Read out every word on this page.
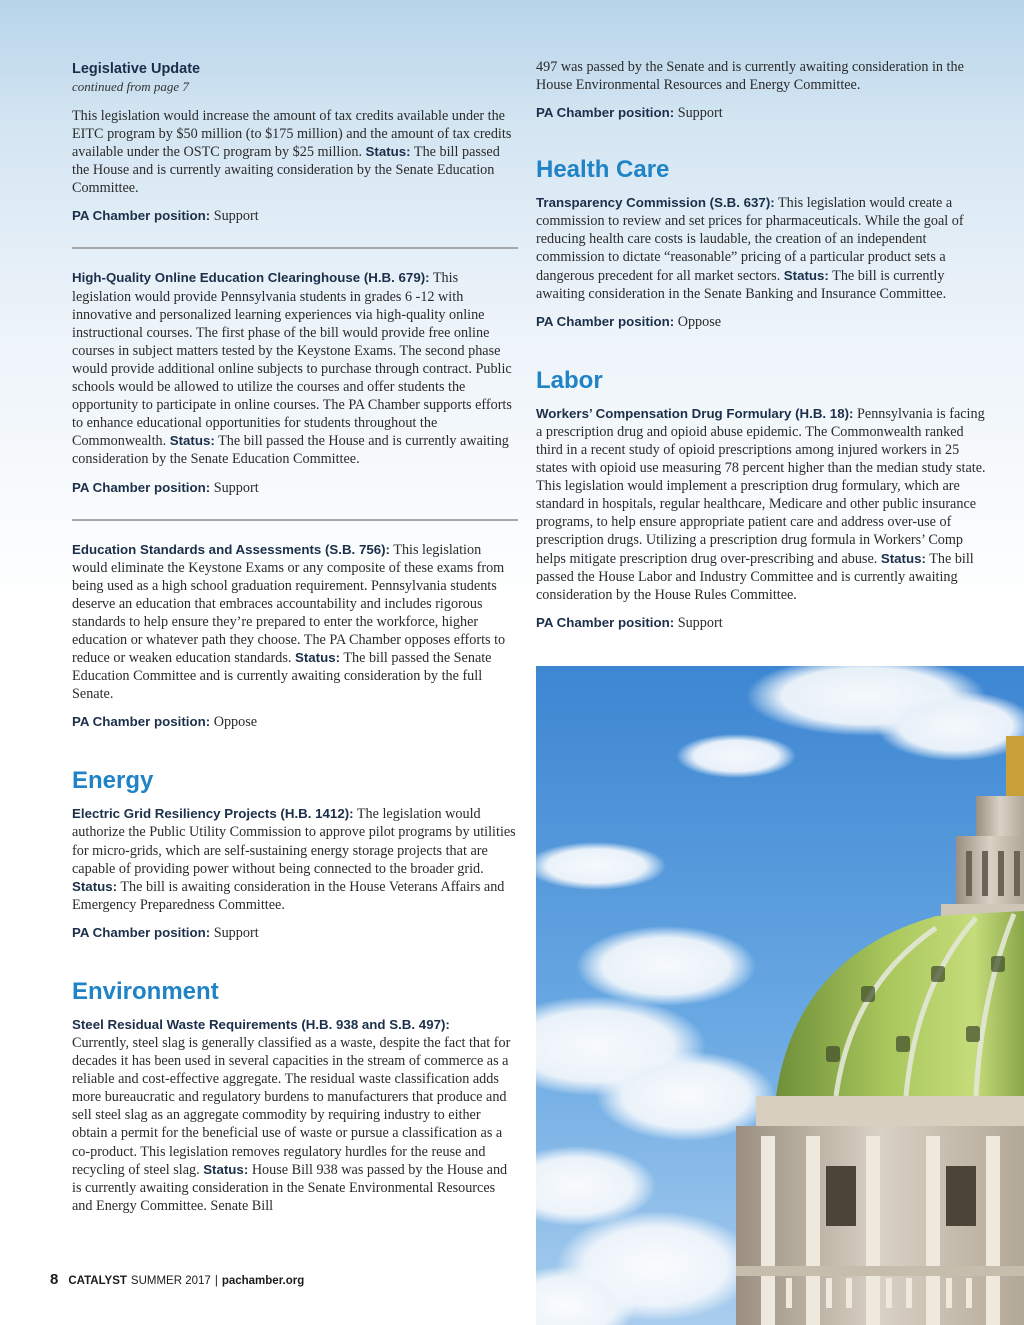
Legislative Update
continued from page 7

This legislation would increase the amount of tax credits available under the EITC program by $50 million (to $175 million) and the amount of tax credits available under the OSTC program by $25 million. Status: The bill passed the House and is currently awaiting consideration by the Senate Education Committee.

PA Chamber position: Support

High-Quality Online Education Clearinghouse (H.B. 679): This legislation would provide Pennsylvania students in grades 6 -12 with innovative and personalized learning experiences via high-quality online instructional courses. The first phase of the bill would provide free online courses in subject matters tested by the Keystone Exams. The second phase would provide additional online subjects to purchase through contract. Public schools would be allowed to utilize the courses and offer students the opportunity to participate in online courses. The PA Chamber supports efforts to enhance educational opportunities for students throughout the Commonwealth. Status: The bill passed the House and is currently awaiting consideration by the Senate Education Committee.

PA Chamber position: Support

Education Standards and Assessments (S.B. 756): This legislation would eliminate the Keystone Exams or any composite of these exams from being used as a high school graduation requirement. Pennsylvania students deserve an education that embraces accountability and includes rigorous standards to help ensure they’re prepared to enter the workforce, higher education or whatever path they choose. The PA Chamber opposes efforts to reduce or weaken education standards. Status: The bill passed the Senate Education Committee and is currently awaiting consideration by the full Senate.

PA Chamber position: Oppose

Energy

Electric Grid Resiliency Projects (H.B. 1412): The legislation would authorize the Public Utility Commission to approve pilot programs by utilities for micro-grids, which are self-sustaining energy storage projects that are capable of providing power without being connected to the broader grid. Status: The bill is awaiting consideration in the House Veterans Affairs and Emergency Preparedness Committee.

PA Chamber position: Support

Environment

Steel Residual Waste Requirements (H.B. 938 and S.B. 497):
Currently, steel slag is generally classified as a waste, despite the fact that for decades it has been used in several capacities in the stream of commerce as a reliable and cost-effective aggregate. The residual waste classification adds more bureaucratic and regulatory burdens to manufacturers that produce and sell steel slag as an aggregate commodity by requiring industry to either obtain a permit for the beneficial use of waste or pursue a classification as a co-product. This legislation removes regulatory hurdles for the reuse and recycling of steel slag. Status: House Bill 938 was passed by the House and is currently awaiting consideration in the Senate Environmental Resources and Energy Committee. Senate Bill

497 was passed by the Senate and is currently awaiting consideration in the House Environmental Resources and Energy Committee.

PA Chamber position: Support

Health Care

Transparency Commission (S.B. 637): This legislation would create a commission to review and set prices for pharmaceuticals. While the goal of reducing health care costs is laudable, the creation of an independent commission to dictate “reasonable” pricing of a particular product sets a dangerous precedent for all market sectors. Status: The bill is currently awaiting consideration in the Senate Banking and Insurance Committee.

PA Chamber position: Oppose

Labor

Workers’ Compensation Drug Formulary (H.B. 18): Pennsylvania is facing a prescription drug and opioid abuse epidemic. The Commonwealth ranked third in a recent study of opioid prescriptions among injured workers in 25 states with opioid use measuring 78 percent higher than the median study state. This legislation would implement a prescription drug formulary, which are standard in hospitals, regular healthcare, Medicare and other public insurance programs, to help ensure appropriate patient care and address over-use of prescription drugs. Utilizing a prescription drug formula in Workers’ Comp helps mitigate prescription drug over-prescribing and abuse. Status: The bill passed the House Labor and Industry Committee and is currently awaiting consideration by the House Rules Committee.

PA Chamber position: Support

8 CATALYST SUMMER 2017 | pachamber.org
